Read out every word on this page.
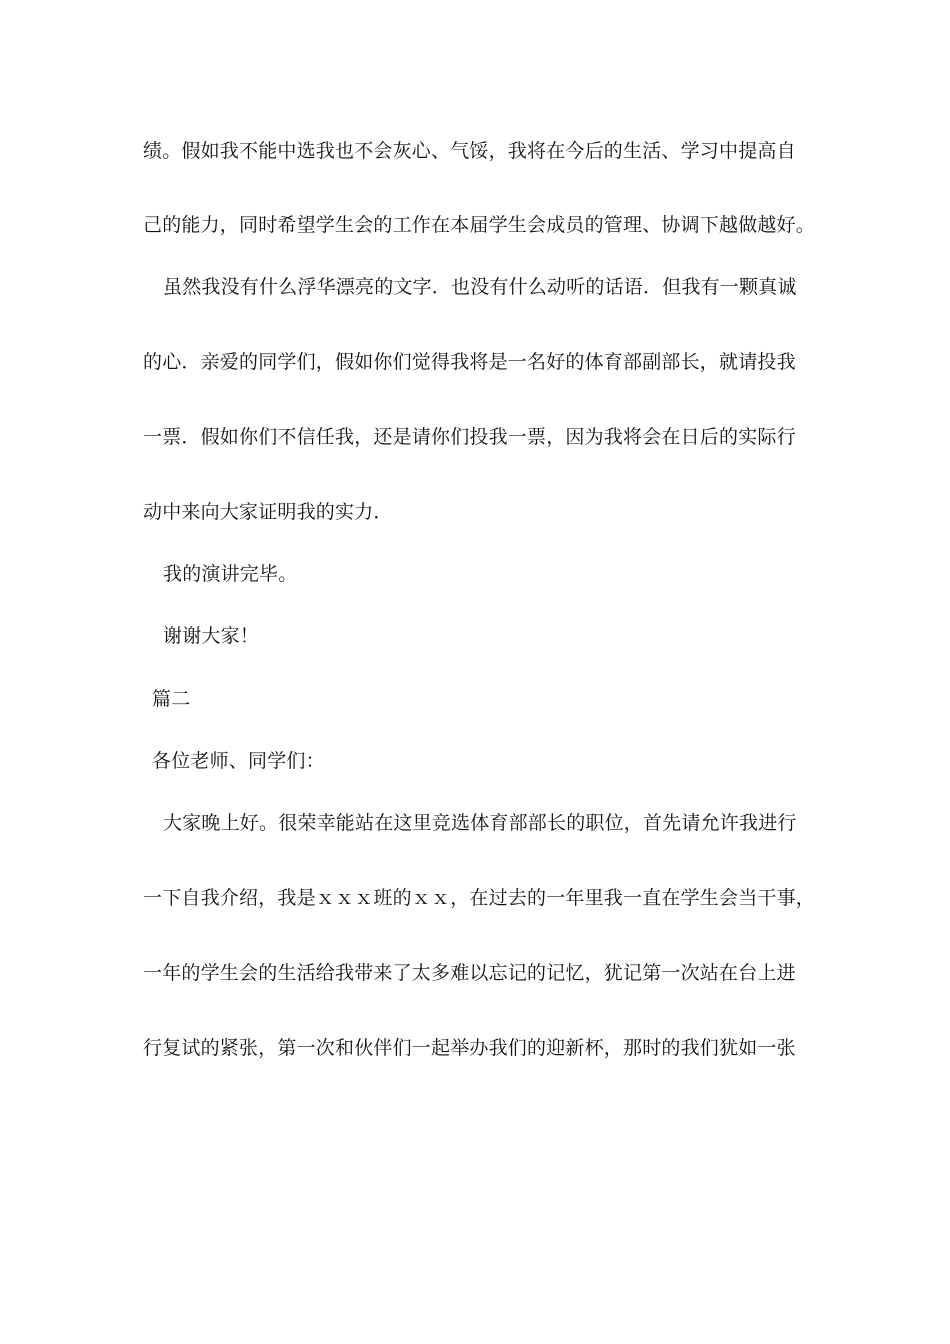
绩。假如我不能中选我也不会灰心、气馁，我将在今后的生活、学习中提高自
己的能力，同时希望学生会的工作在本届学生会成员的管理、协调下越做越好。
虽然我没有什么浮华漂亮的文字．也没有什么动听的话语．但我有一颗真诚
的心．亲爱的同学们，假如你们觉得我将是一名好的体育部副部长，就请投我
一票．假如你们不信任我，还是请你们投我一票，因为我将会在日后的实际行
动中来向大家证明我的实力．
我的演讲完毕。
谢谢大家！
篇二
各位老师、同学们：
大家晚上好。很荣幸能站在这里竞选体育部部长的职位，首先请允许我进行
一下自我介绍，我是ｘｘｘ班的ｘｘ，在过去的一年里我一直在学生会当干事，
一年的学生会的生活给我带来了太多难以忘记的记忆，犹记第一次站在台上进
行复试的紧张，第一次和伙伴们一起举办我们的迎新杯，那时的我们犹如一张
